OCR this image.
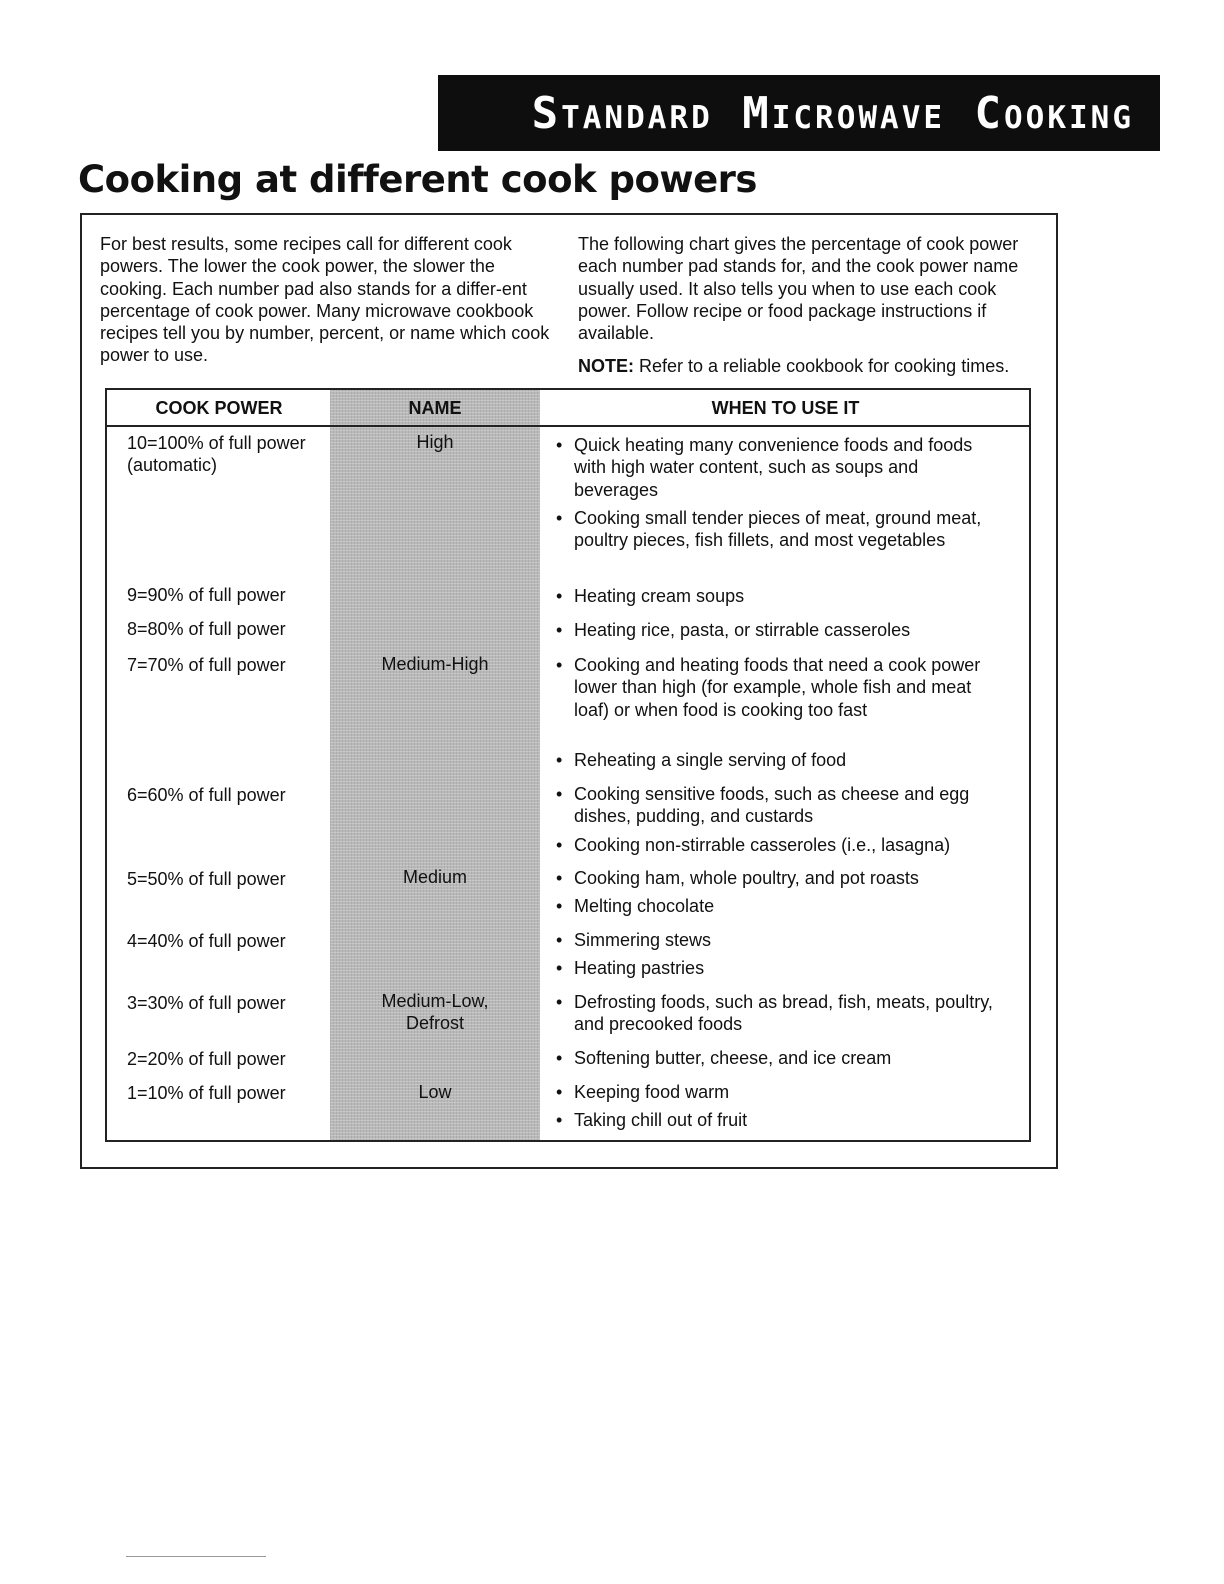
Standard Microwave Cooking
Cooking at different cook powers

For best results, some recipes call for different cook powers. The lower the cook power, the slower the cooking. Each number pad also stands for a differ-ent percentage of cook power. Many microwave cookbook recipes tell you by number, percent, or name which cook power to use.

The following chart gives the percentage of cook power each number pad stands for, and the cook power name usually used. It also tells you when to use each cook power. Follow recipe or food package instructions if available.

NOTE: Refer to a reliable cookbook for cooking times.

COOK POWER	NAME	WHEN TO USE IT
10=100% of full power
(automatic)
9=90% of full power
8=80% of full power
7=70% of full power
6=60% of full power
5=50% of full power
4=40% of full power
3=30% of full power
2=20% of full power
1=10% of full power
High
Medium-High
Medium
Medium-Low,
Defrost
Low
• Quick heating many convenience foods and foods with high water content, such as soups and beverages
• Cooking small tender pieces of meat, ground meat, poultry pieces, fish fillets, and most vegetables
• Heating cream soups
• Heating rice, pasta, or stirrable casseroles
• Cooking and heating foods that need a cook power lower than high (for example, whole fish and meat loaf) or when food is cooking too fast
• Reheating a single serving of food
• Cooking sensitive foods, such as cheese and egg dishes, pudding, and custards
• Cooking non-stirrable casseroles (i.e., lasagna)
• Cooking ham, whole poultry, and pot roasts
• Melting chocolate
• Simmering stews
• Heating pastries
• Defrosting foods, such as bread, fish, meats, poultry, and precooked foods
• Softening butter, cheese, and ice cream
• Keeping food warm
• Taking chill out of fruit
